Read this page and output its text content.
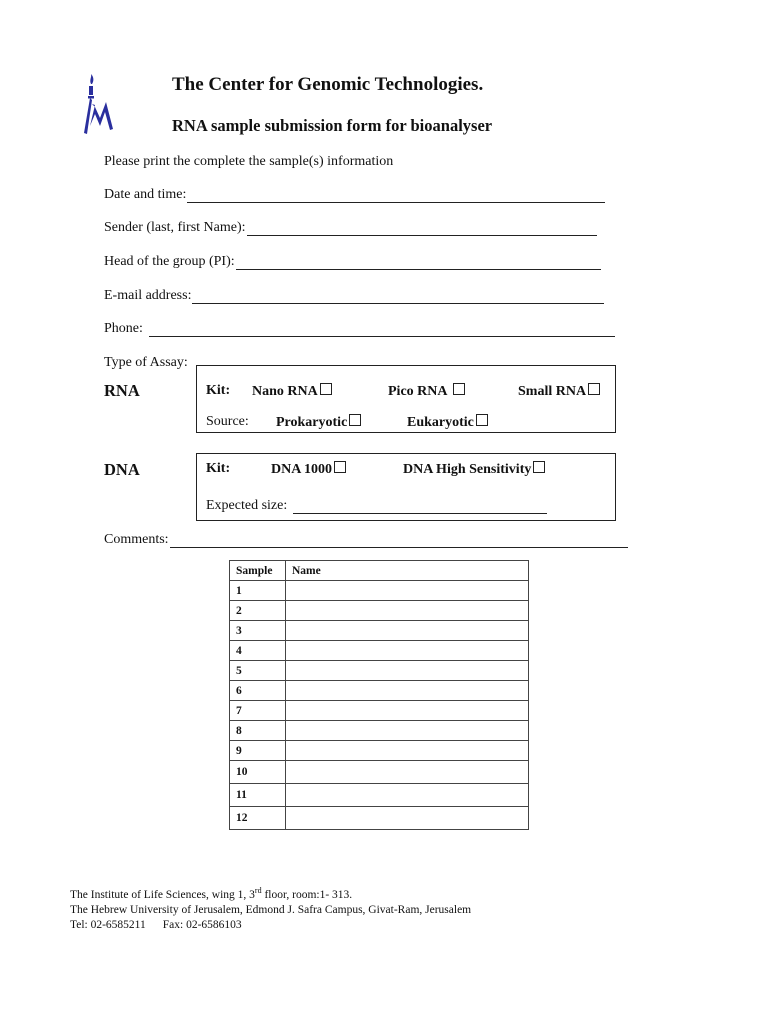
The Center for Genomic Technologies.
RNA sample submission form for bioanalyser
Please print the complete the sample(s) information
Date and time:
Sender (last, first Name):
Head of the group (PI):
E-mail address:
Phone:
Type of Assay:
RNA	Kit: Nano RNA	Pico RNA	Small RNA
Source: Prokaryotic	Eukaryotic
DNA	Kit:	DNA 1000	DNA High Sensitivity
Expected size:
Comments:
Sample	Name
1	
2	
3	
4	
5	
6	
7	
8	
9	
10	
11	
12	
The Institute of Life Sciences, wing 1, 3rd floor, room:1- 313.
The Hebrew University of Jerusalem, Edmond J. Safra Campus, Givat-Ram, Jerusalem
Tel: 02-6585211 Fax: 02-6586103
